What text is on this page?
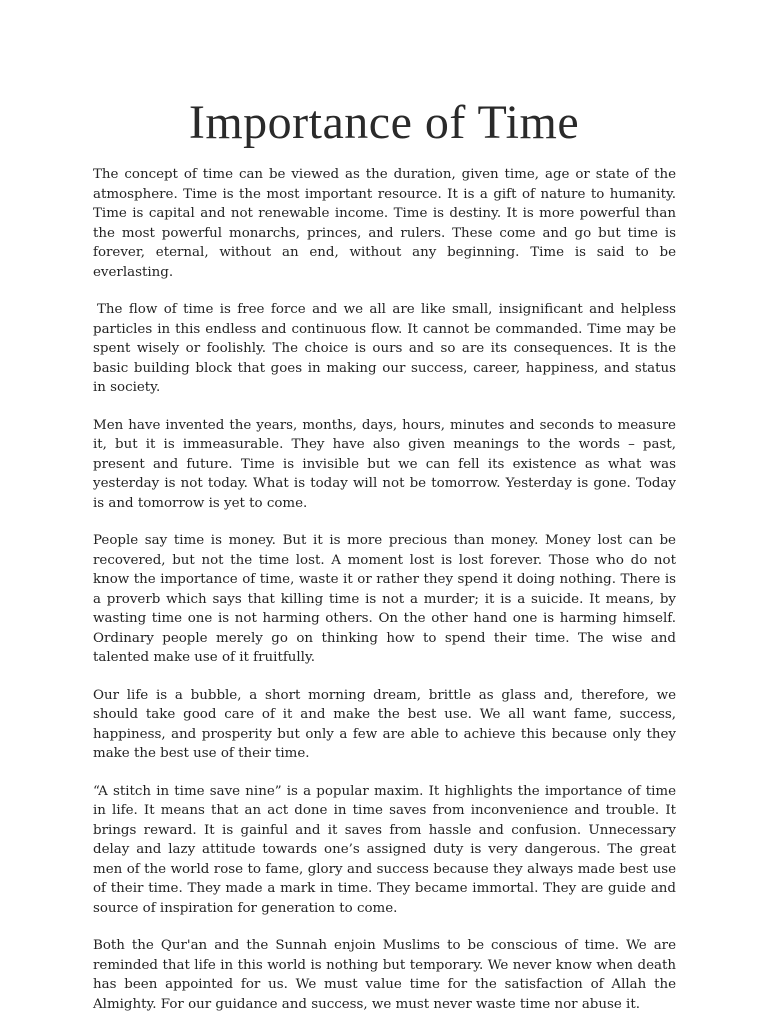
Importance of Time

The concept of time can be viewed as the duration, given time, age or state of the atmosphere. Time is the most important resource. It is a gift of nature to humanity. Time is capital and not renewable income. Time is destiny. It is more powerful than the most powerful monarchs, princes, and rulers. These come and go but time is forever, eternal, without an end, without any beginning. Time is said to be everlasting.

The flow of time is free force and we all are like small, insignificant and helpless particles in this endless and continuous flow. It cannot be commanded. Time may be spent wisely or foolishly. The choice is ours and so are its consequences. It is the basic building block that goes in making our success, career, happiness, and status in society.

Men have invented the years, months, days, hours, minutes and seconds to measure it, but it is immeasurable. They have also given meanings to the words – past, present and future. Time is invisible but we can fell its existence as what was yesterday is not today. What is today will not be tomorrow. Yesterday is gone. Today is and tomorrow is yet to come.

People say time is money. But it is more precious than money. Money lost can be recovered, but not the time lost. A moment lost is lost forever. Those who do not know the importance of time, waste it or rather they spend it doing nothing. There is a proverb which says that killing time is not a murder; it is a suicide. It means, by wasting time one is not harming others. On the other hand one is harming himself. Ordinary people merely go on thinking how to spend their time. The wise and talented make use of it fruitfully.

Our life is a bubble, a short morning dream, brittle as glass and, therefore, we should take good care of it and make the best use. We all want fame, success, happiness, and prosperity but only a few are able to achieve this because only they make the best use of their time.

“A stitch in time save nine” is a popular maxim. It highlights the importance of time in life. It means that an act done in time saves from inconvenience and trouble. It brings reward. It is gainful and it saves from hassle and confusion. Unnecessary delay and lazy attitude towards one’s assigned duty is very dangerous. The great men of the world rose to fame, glory and success because they always made best use of their time. They made a mark in time. They became immortal. They are guide and source of inspiration for generation to come.

Both the Qur'an and the Sunnah enjoin Muslims to be conscious of time. We are reminded that life in this world is nothing but temporary. We never know when death has been appointed for us. We must value time for the satisfaction of Allah the Almighty. For our guidance and success, we must never waste time nor abuse it.
